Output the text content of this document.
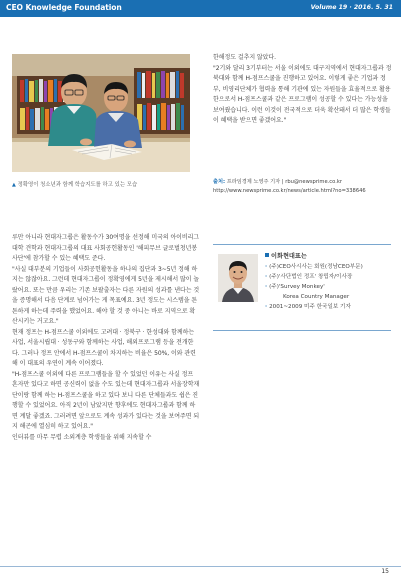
CEO Knowledge Foundation	Volume 19 · 2016. 5. 31
▲ 정확영이 청소년과 함께 학습지도를 하고 있는 모습

한해정도 걸추지 않았다.

"2기와 달리 3기부터는 서울 이외에도 대구지역에서 현대자그룹과 정북대와 함께 H-점프스쿨을 진행하고 있어요. 이렇게 좋은 기업과 정부, 비영리단체가 협력을 통해 기관에 있는 자원들을 효율적으로 활용한으로서 H-점프스쿨과 같은 프로그램이 성공할 수 있다는 가능성을 보여줬습니다. 이런 이것이 전국적으로 더욱 확산돼서 더 많은 학생들이 혜택을 받으면 좋겠어요."

출처: 프라임경제 노영주 기자 | rbu@newsprime.co.kr
http://www.newsprime.co.kr/news/article.html?no=338646

루만 아니라 현대자그룹은 활동수가 30여명을 선정해 미국의 아이비리그 대학 견학과 현대자그룹의 대표 사회공헌활동인 '해피무브 글로벌청년봉사단'에 참가할 수 있는 혜택도 준다.

"사실 대부분의 기업들이 사회공헌활동을 하나의 집단과 3~5년 정해 하지는 않잖아요. 그런데 현대자그룹이 정확영에게 5년을 제시해서 많이 놀랐어요. 또는 만큼 우리는 기존 보팔출자는 다른 자원의 성과를 낸다는 것을 증명해서 다음 단계로 넘어가는 게 목표예요. 3년 정도는 시스템을 튼튼하게 하는데 주력을 했었어요. 해야 할 것 중 아니는 바로 지역으로 확산시키는 거고요."

현재 정프는 H-점프스쿨 이외에도 고려대 · 정북구 · 한성대와 함께하는 사업, 서울시립대 · 성동구와 함께하는 사업, 해외프로그램 등을 전개한다. 그러나 정프 안에서 H-점프스쿨이 차지하는 비율은 50%, 이와 관련해 이 대표의 우연이 계속 이어졌다.

"H-점프스쿨 이외에 다른 프로그램들을 할 수 있었던 이유는 사실 정프 혼자만 있다고 하면 공신력이 없을 수도 있는데 현대자그룹과 서울장학재단이랑 함께 하는 H-점프스쿨을 하고 있다 보니 다른 단체들과도 쉽은 진행할 수 있었어요. 아직 2년이 남았지만 향후에도 현대자그룹과 함께 하면 계달 좋겠죠. 그러려면 앞으로도 계속 성과가 있다는 것을 보여주면 되지 해곤에 열심히 하고 있어요."

인터뷰를 마무 무렵 소외계층 학생들을 위해 지속할 수

이화현대표는
· (주)CEO사시사는 회원(정남CEO부문)
· (주)'사단법인 정프' 창립자/이사장
· (주)'Survey Monkey'
Korea Country Manager
· 2001~2009 미주 한국일보 기자
15
